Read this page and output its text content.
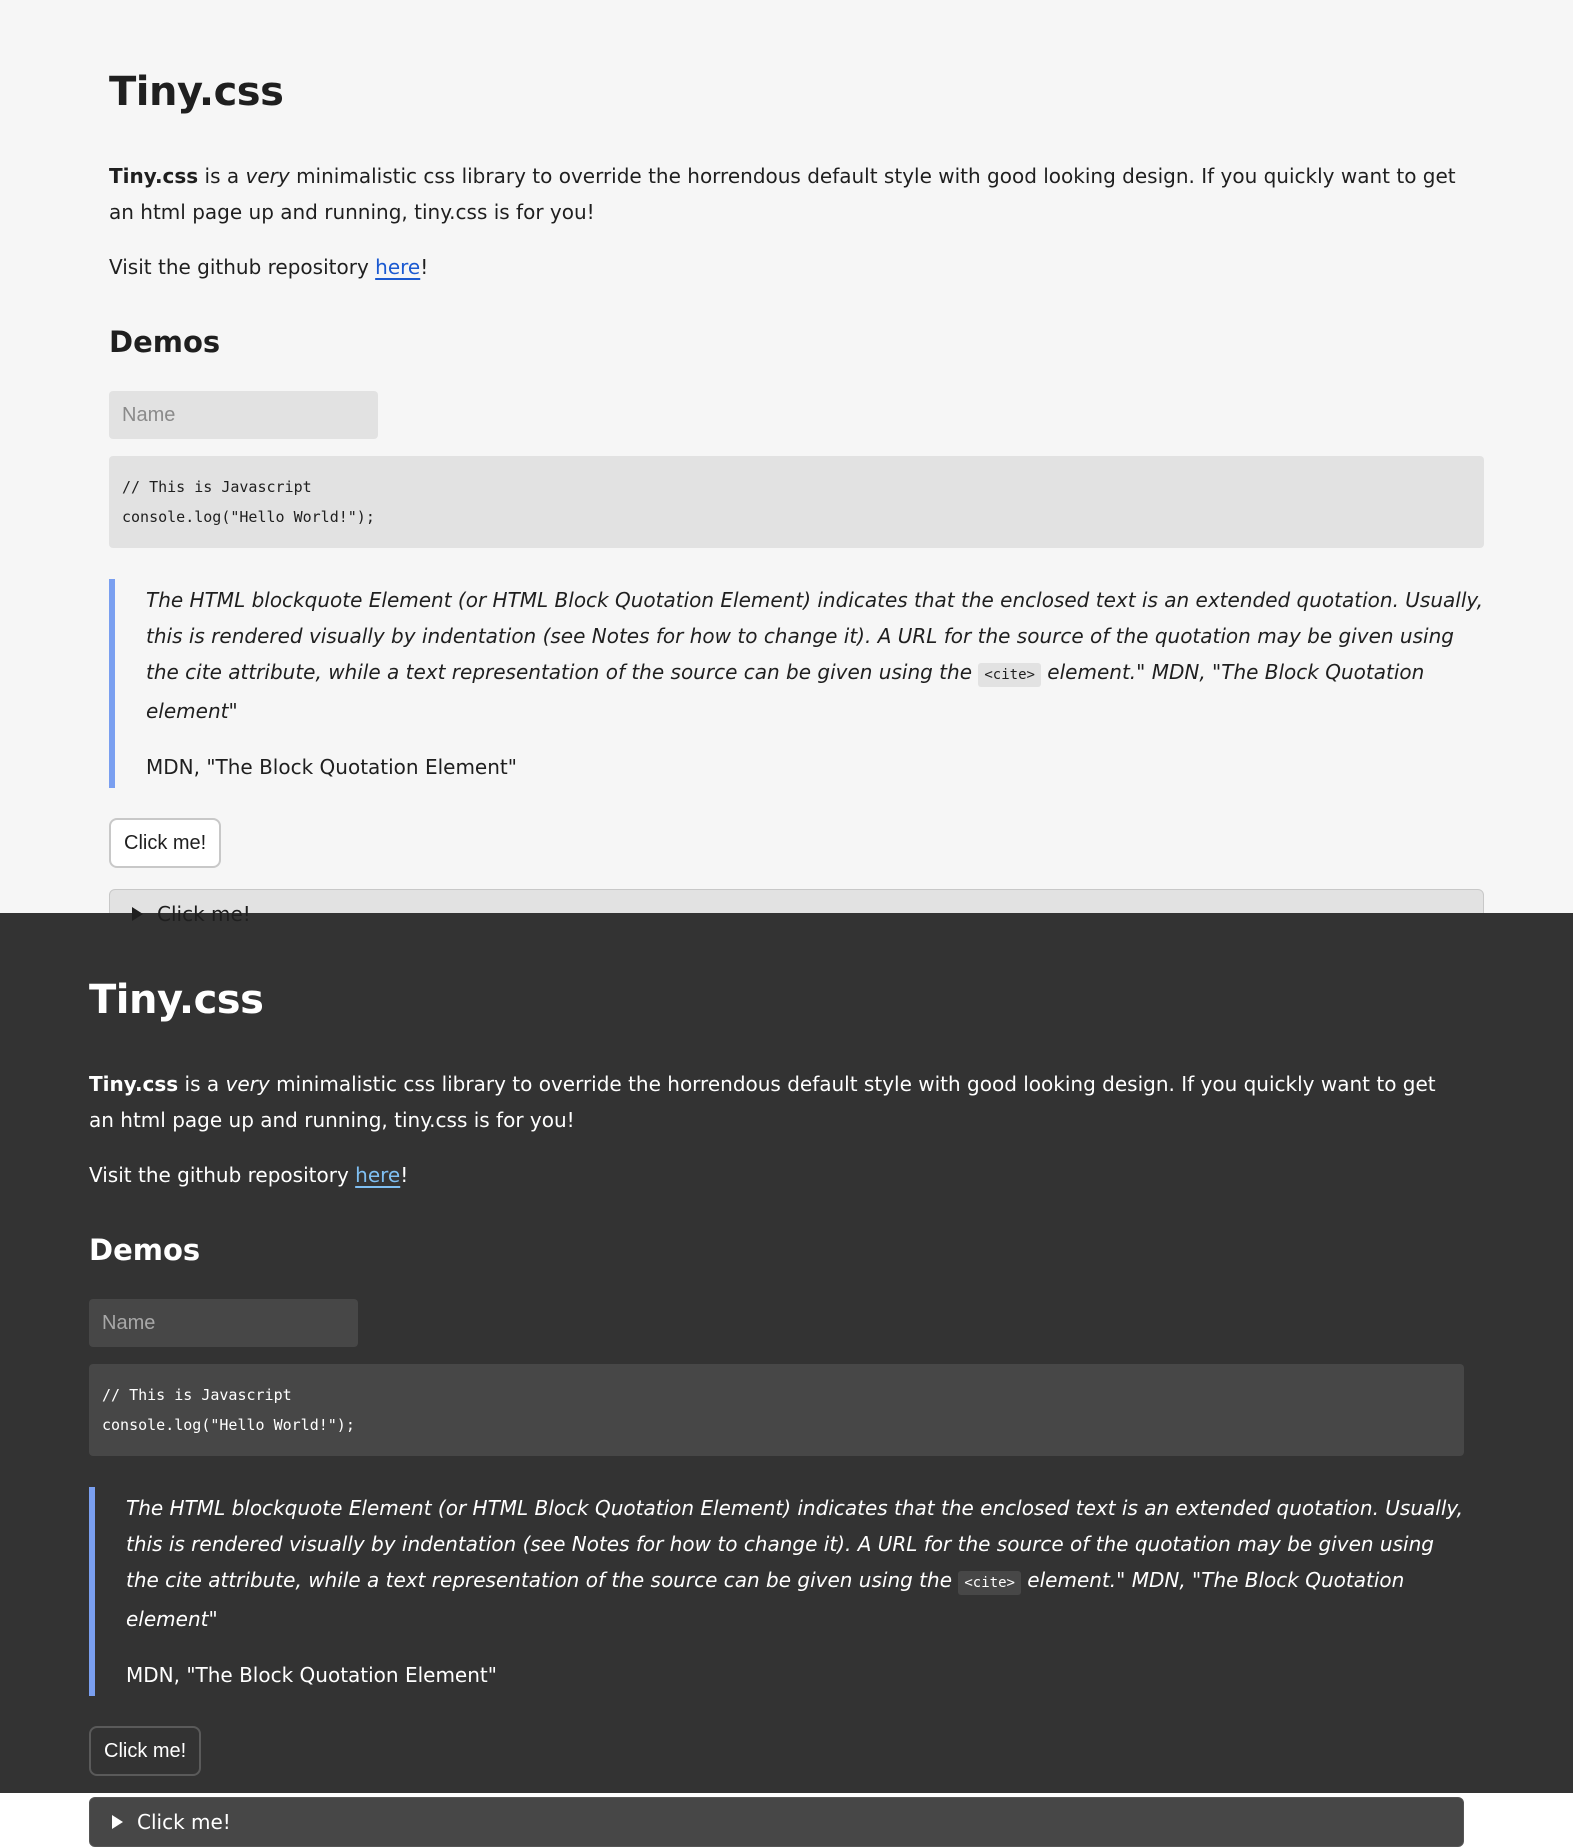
Tiny.css

Tiny.css is a very minimalistic css library to override the horrendous default style with good looking design. If you quickly want to get an html page up and running, tiny.css is for you!

Visit the github repository here!

Demos
Name
// This is Javascript
console.log("Hello World!");

The HTML blockquote Element (or HTML Block Quotation Element) indicates that the enclosed text is an extended quotation. Usually, this is rendered visually by indentation (see Notes for how to change it). A URL for the source of the quotation may be given using the cite attribute, while a text representation of the source can be given using the <cite> element." MDN, "The Block Quotation element"

MDN, "The Block Quotation Element"

Click me!
Click me!
Tiny.css

Tiny.css is a very minimalistic css library to override the horrendous default style with good looking design. If you quickly want to get an html page up and running, tiny.css is for you!

Visit the github repository here!

Demos
Name
// This is Javascript
console.log("Hello World!");

The HTML blockquote Element (or HTML Block Quotation Element) indicates that the enclosed text is an extended quotation. Usually, this is rendered visually by indentation (see Notes for how to change it). A URL for the source of the quotation may be given using the cite attribute, while a text representation of the source can be given using the <cite> element." MDN, "The Block Quotation element"

MDN, "The Block Quotation Element"

Click me!
Click me!
